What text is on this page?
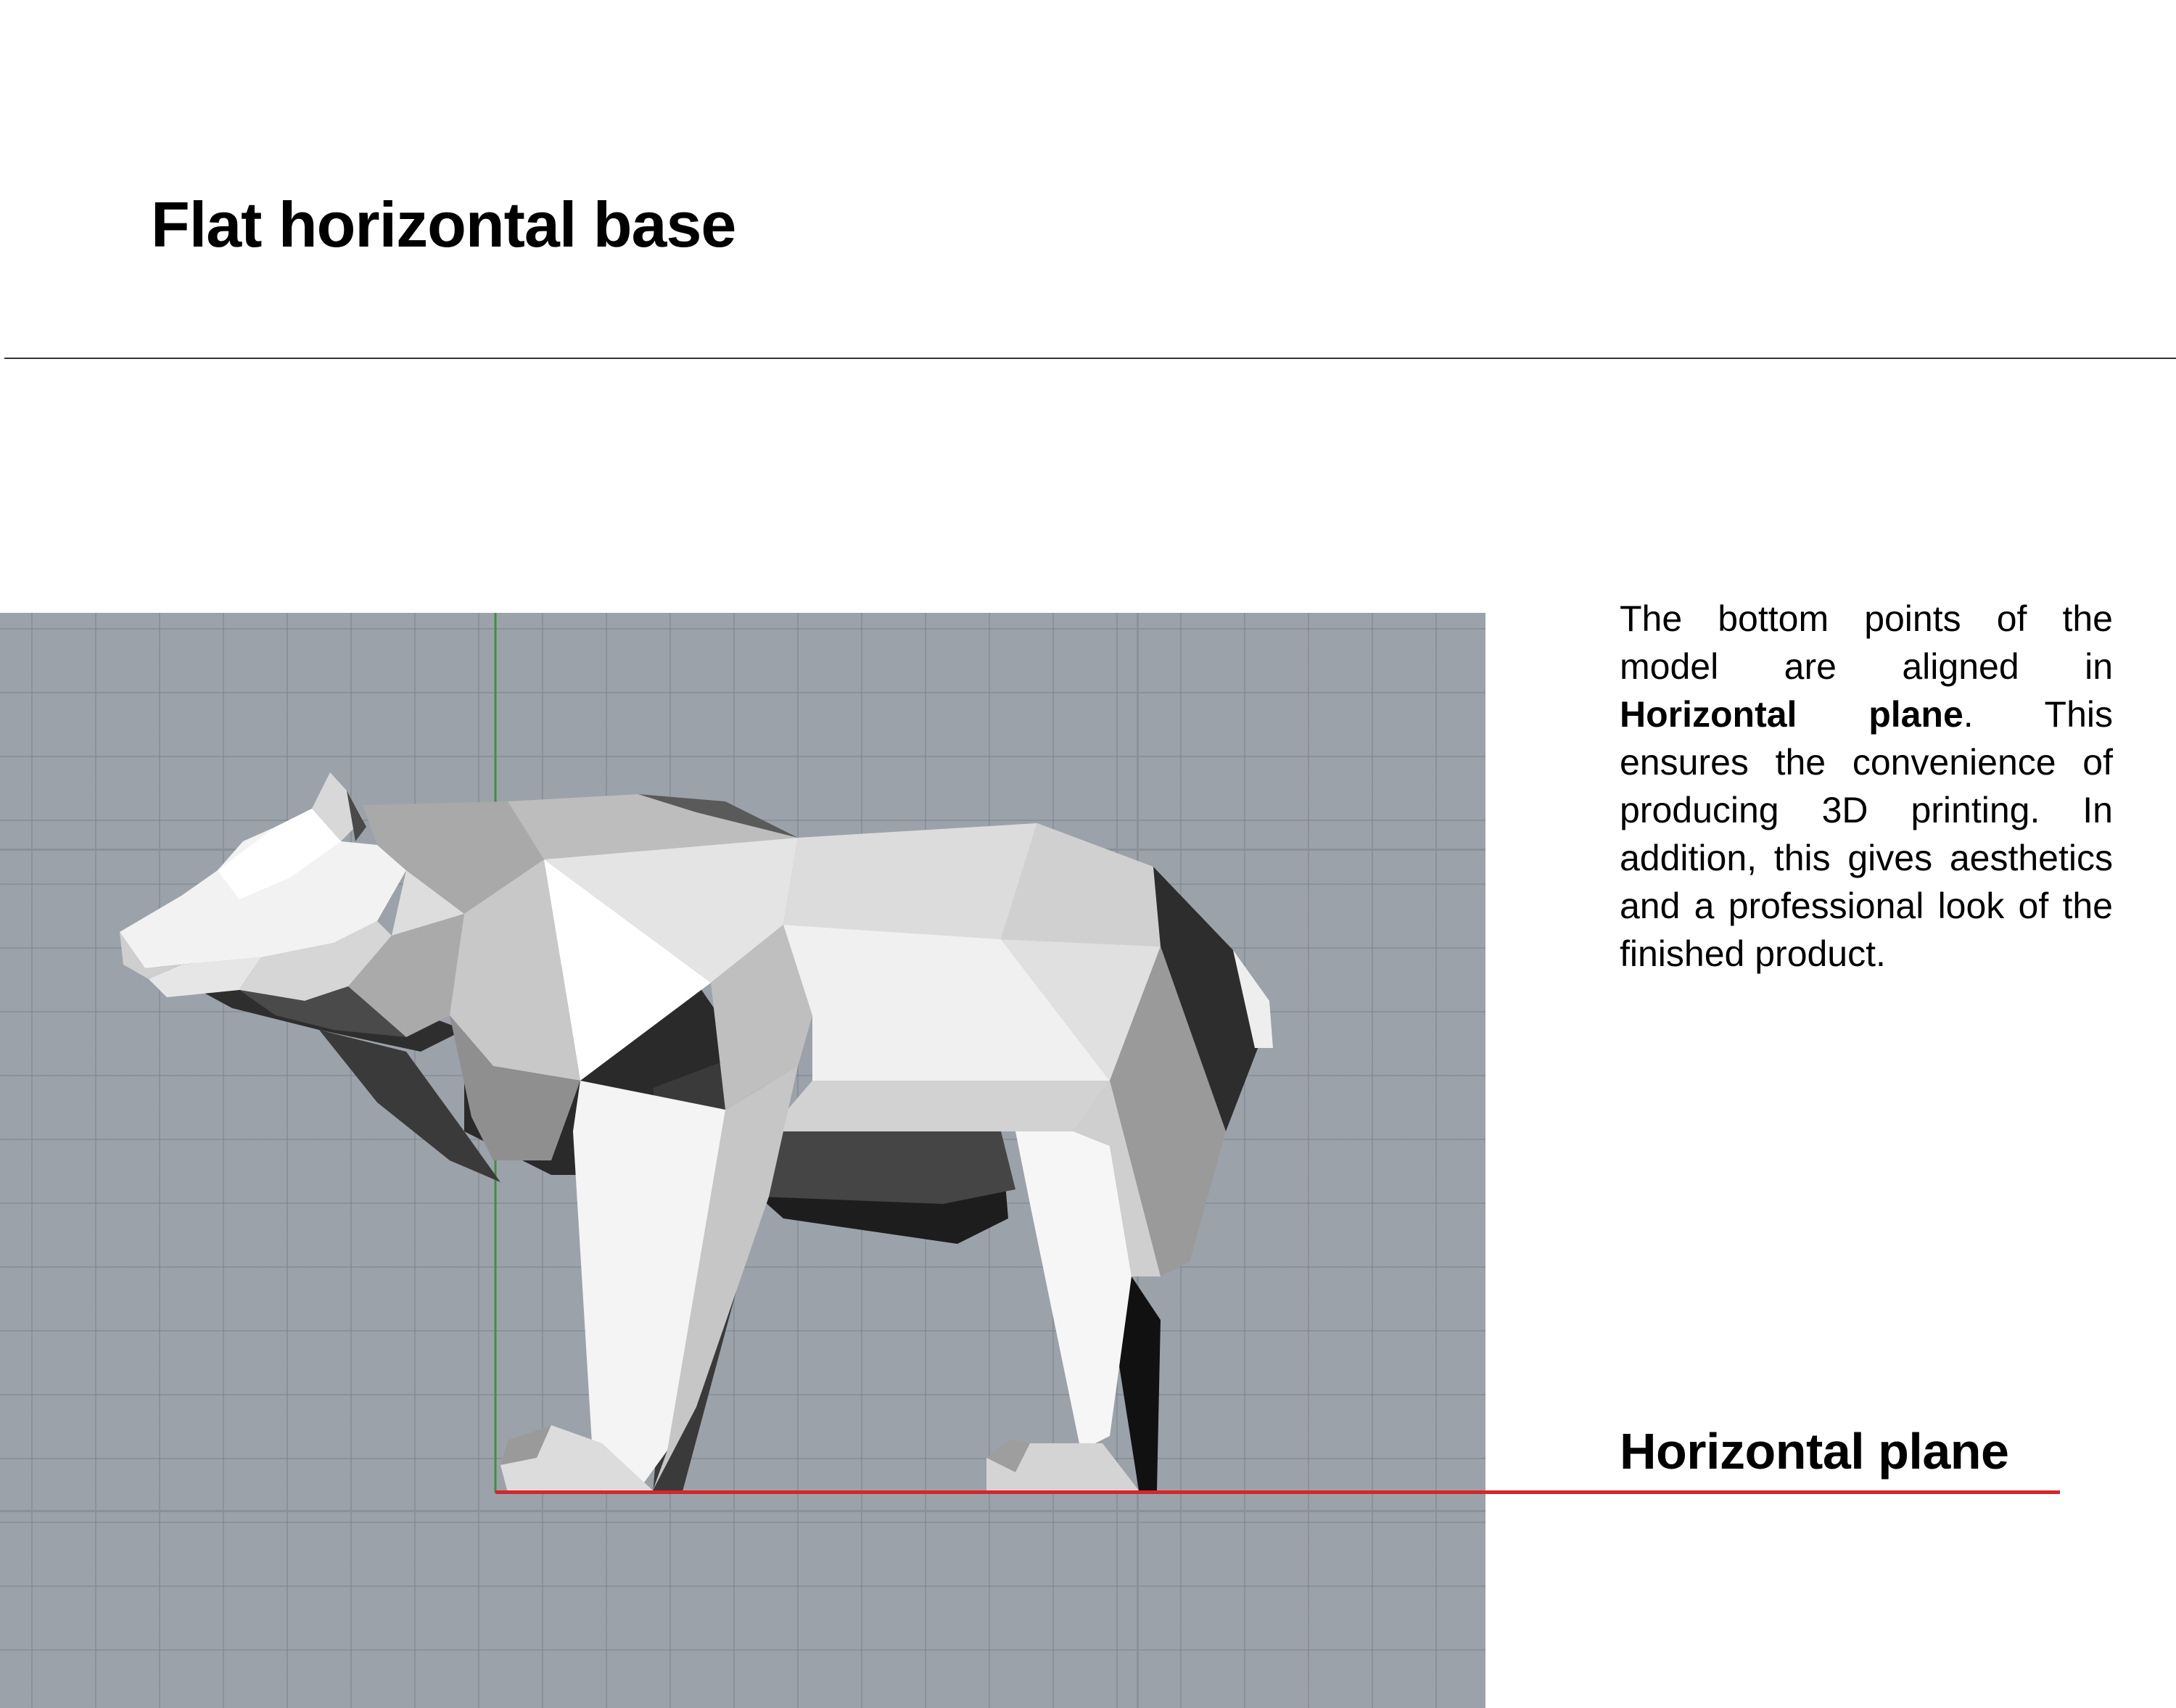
Flat horizontal base

The bottom points of the model are aligned in Horizontal plane. This ensures the convenience of producing 3D printing. In addition, this gives aesthetics and a professional look of the finished product.

Horizontal plane
